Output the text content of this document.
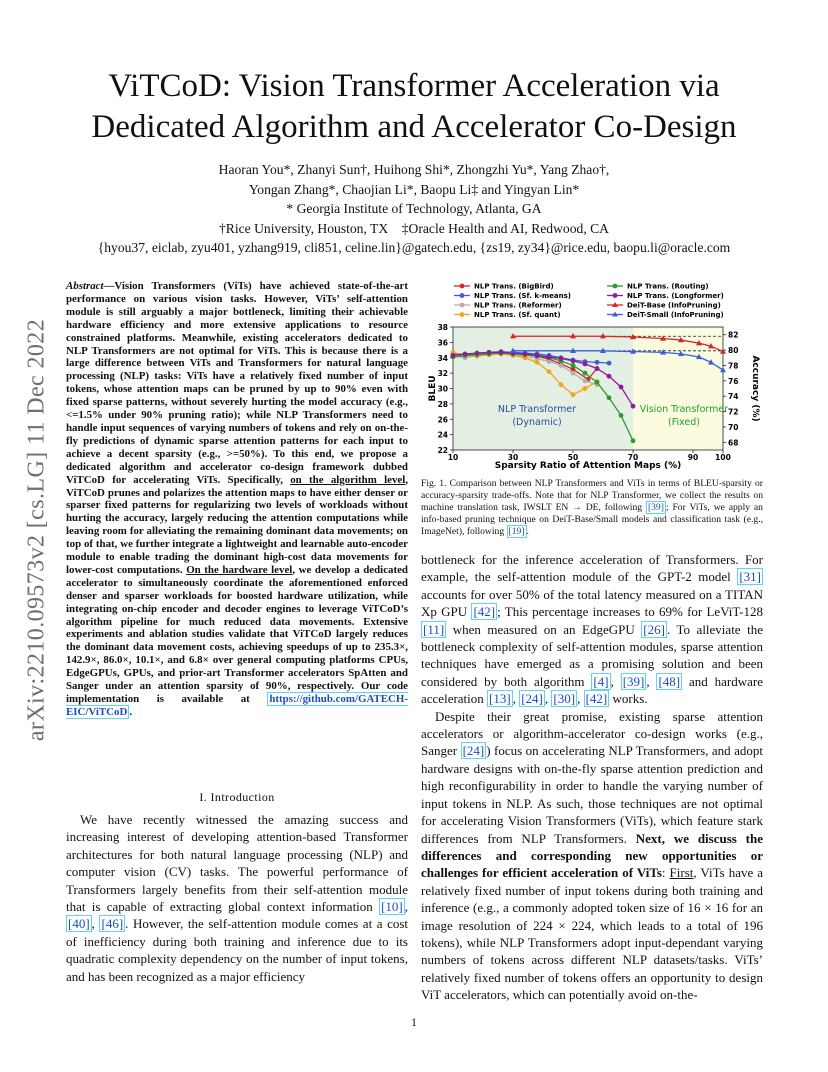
arXiv:2210.09573v2 [cs.LG] 11 Dec 2022
ViTCoD: Vision Transformer Acceleration via
Dedicated Algorithm and Accelerator Co-Design
Haoran You*, Zhanyi Sun†, Huihong Shi*, Zhongzhi Yu*, Yang Zhao†,
Yongan Zhang*, Chaojian Li*, Baopu Li‡ and Yingyan Lin*
* Georgia Institute of Technology, Atlanta, GA
†Rice University, Houston, TX    ‡Oracle Health and AI, Redwood, CA
{hyou37, eiclab, zyu401, yzhang919, cli851, celine.lin}@gatech.edu, {zs19, zy34}@rice.edu, baopu.li@oracle.com

Abstract—Vision Transformers (ViTs) have achieved state-of-the-art performance on various vision tasks. However, ViTs’ self-attention module is still arguably a major bottleneck, limiting their achievable hardware efficiency and more extensive applications to resource constrained platforms. Meanwhile, existing accelerators dedicated to NLP Transformers are not optimal for ViTs. This is because there is a large difference between ViTs and Transformers for natural language processing (NLP) tasks: ViTs have a relatively fixed number of input tokens, whose attention maps can be pruned by up to 90% even with fixed sparse patterns, without severely hurting the model accuracy (e.g., <=1.5% under 90% pruning ratio); while NLP Transformers need to handle input sequences of varying numbers of tokens and rely on on-the-fly predictions of dynamic sparse attention patterns for each input to achieve a decent sparsity (e.g., >=50%). To this end, we propose a dedicated algorithm and accelerator co-design framework dubbed ViTCoD for accelerating ViTs. Specifically, on the algorithm level, ViTCoD prunes and polarizes the attention maps to have either denser or sparser fixed patterns for regularizing two levels of workloads without hurting the accuracy, largely reducing the attention computations while leaving room for alleviating the remaining dominant data movements; on top of that, we further integrate a lightweight and learnable auto-encoder module to enable trading the dominant high-cost data movements for lower-cost computations. On the hardware level, we develop a dedicated accelerator to simultaneously coordinate the aforementioned enforced denser and sparser workloads for boosted hardware utilization, while integrating on-chip encoder and decoder engines to leverage ViTCoD’s algorithm pipeline for much reduced data movements. Extensive experiments and ablation studies validate that ViTCoD largely reduces the dominant data movement costs, achieving speedups of up to 235.3×, 142.9×, 86.0×, 10.1×, and 6.8× over general computing platforms CPUs, EdgeGPUs, GPUs, and prior-art Transformer accelerators SpAtten and Sanger under an attention sparsity of 90%, respectively. Our code implementation is available at https://github.com/GATECH-EIC/ViTCoD .

I. Introduction

We have recently witnessed the amazing success and increasing interest of developing attention-based Transformer architectures for both natural language processing (NLP) and computer vision (CV) tasks. The powerful performance of Transformers largely benefits from their self-attention module that is capable of extracting global context information [10] , [40] , [46] . However, the self-attention module comes at a cost of inefficiency during both training and inference due to its quadratic complexity dependency on the number of input tokens, and has been recognized as a major efficiency

NLP Transformer
(Dynamic)
Vision Transformer
(Fixed)
10	30	50	70	90 100
22
24
26
28
30
32
34
36
38
68
70
72
74
76
78
80
82
Sparsity Ratio of Attention Maps (%)
BLEU	Accuracy (%)
NLP Trans. (BigBird)
NLP Trans. (Sf. k-means)
NLP Trans. (Reformer)
NLP Trans. (Sf. quant)
NLP Trans. (Routing)
NLP Trans. (Longformer)
DeiT-Base (InfoPruning)
DeiT-Small (InfoPruning)
Fig. 1. Comparison between NLP Transformers and ViTs in terms of BLEU-sparsity or accuracy-sparsity trade-offs. Note that for NLP Transformer, we collect the results on machine translation task, IWSLT EN → DE, following [39] ; For ViTs, we apply an info-based pruning technique on DeiT-Base/Small models and classification task (e.g., ImageNet), following [19] .

bottleneck for the inference acceleration of Transformers. For example, the self-attention module of the GPT-2 model [31] accounts for over 50% of the total latency measured on a TITAN Xp GPU [42] ; This percentage increases to 69% for LeViT-128 [11] when measured on an EdgeGPU [26] . To alleviate the bottleneck complexity of self-attention modules, sparse attention techniques have emerged as a promising solution and been considered by both algorithm [4] , [39] , [48] and hardware acceleration [13] , [24] , [30] , [42] works.

Despite their great promise, existing sparse attention accelerators or algorithm-accelerator co-design works (e.g., Sanger [24] ) focus on accelerating NLP Transformers, and adopt hardware designs with on-the-fly sparse attention prediction and high reconfigurability in order to handle the varying number of input tokens in NLP. As such, those techniques are not optimal for accelerating Vision Transformers (ViTs), which feature stark differences from NLP Transformers. Next, we discuss the differences and corresponding new opportunities or challenges for efficient acceleration of ViTs: First, ViTs have a relatively fixed number of input tokens during both training and inference (e.g., a commonly adopted token size of 16 × 16 for an image resolution of 224 × 224, which leads to a total of 196 tokens), while NLP Transformers adopt input-dependant varying numbers of tokens across different NLP datasets/tasks. ViTs’ relatively fixed number of tokens offers an opportunity to design ViT accelerators, which can potentially avoid on-the-

1
